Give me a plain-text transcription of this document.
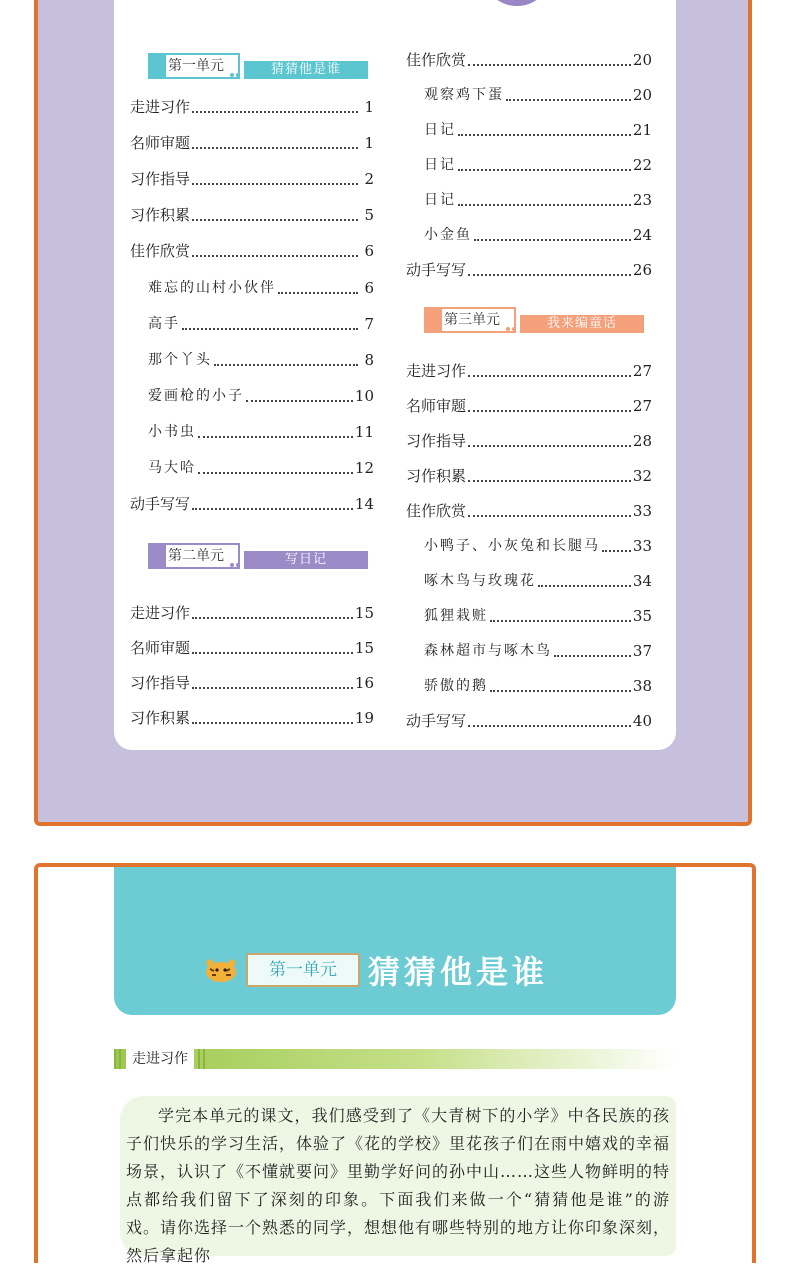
第一单元	猜猜他是谁
第二单元	写日记
第三单元	我来编童话
走进习作	1
名师审题	1
习作指导	2
习作积累	5
佳作欣赏	6
难忘的山村小伙伴	6
高手	7
那个丫头	8
爱画枪的小子	10
小书虫	11
马大哈	12
动手写写	14
走进习作	15
名师审题	15
习作指导	16
习作积累	19
佳作欣赏	20
观察鸡下蛋	20
日记	21
日记	22
日记	23
小金鱼	24
动手写写	26
走进习作	27
名师审题	27
习作指导	28
习作积累	32
佳作欣赏	33
小鸭子、小灰兔和长腿马 33
啄木鸟与玫瑰花	34
狐狸栽赃	35
森林超市与啄木鸟	37
骄傲的鹅	38
动手写写	40
第一单元 猜猜他是谁
走进习作
学完本单元的课文，我们感受到了《大青树下的小学》中各民族的孩子们快乐的学习生活，体验了《花的学校》里花孩子们在雨中嬉戏的幸福场景，认识了《不懂就要问》里勤学好问的孙中山……这些人物鲜明的特点都给我们留下了深刻的印象。下面我们来做一个“猜猜他是谁”的游戏。请你选择一个熟悉的同学，想想他有哪些特别的地方让你印象深刻，然后拿起你
